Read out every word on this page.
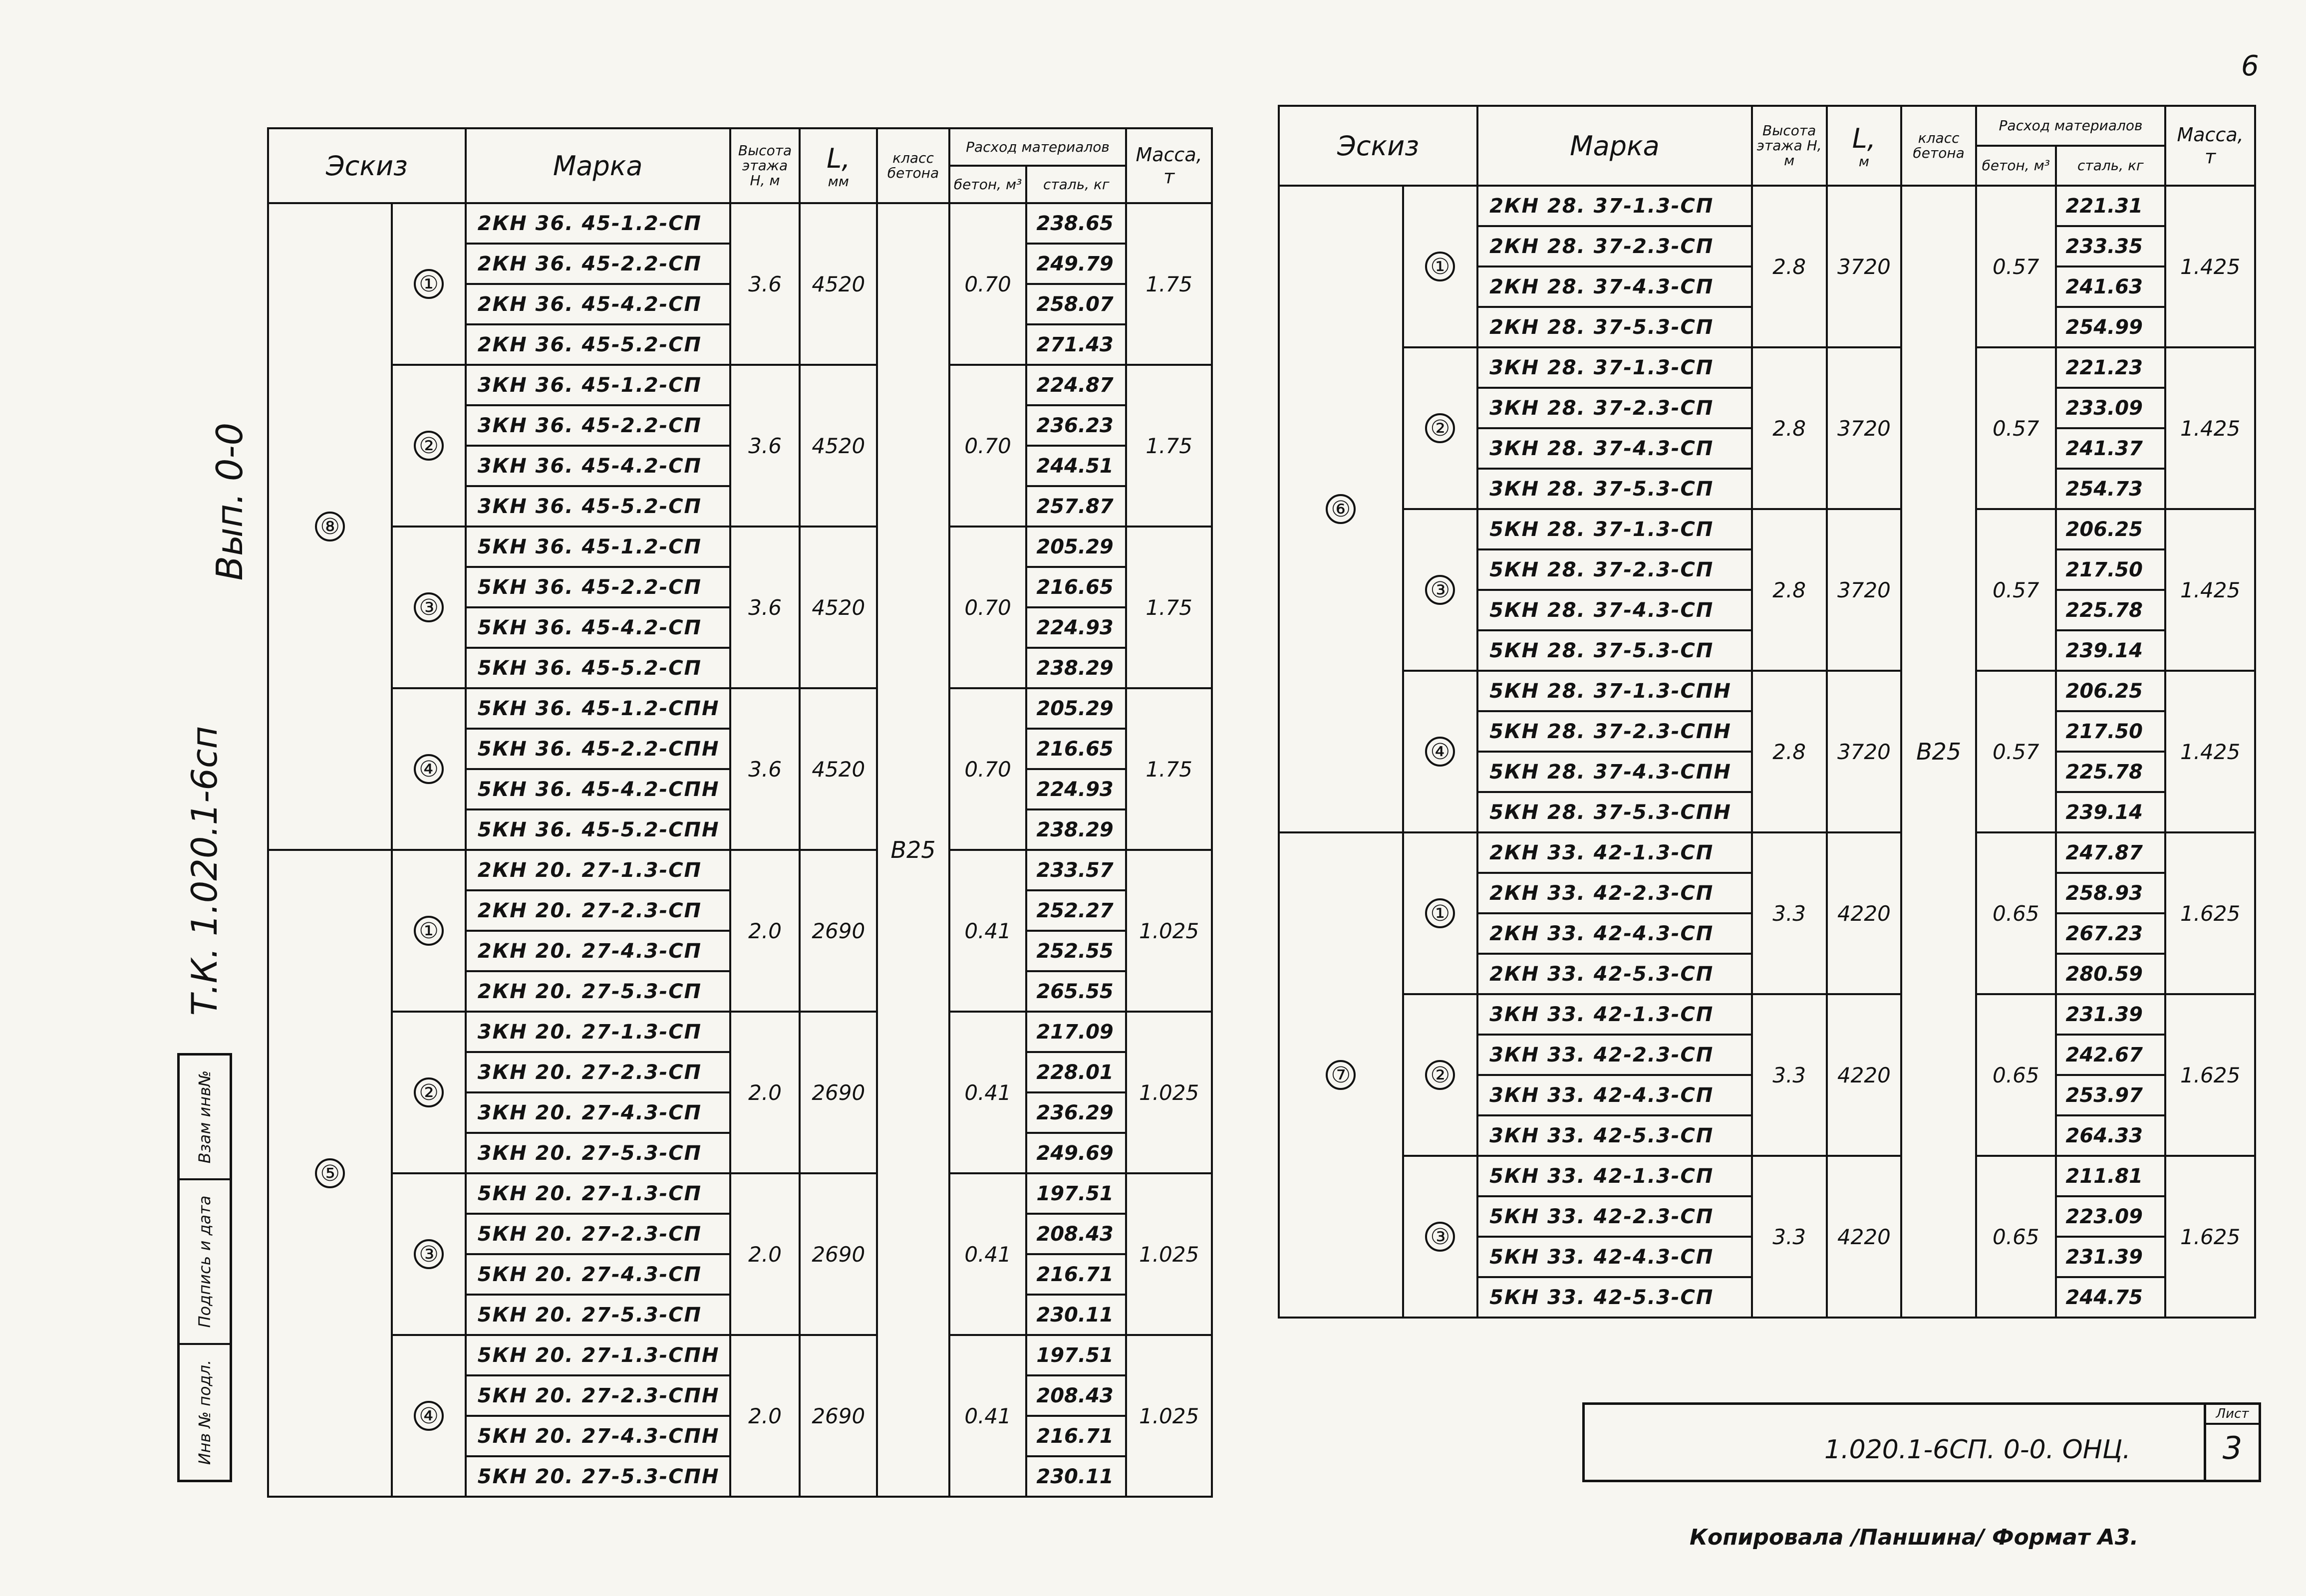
6
Вып. 0-0
Т.К. 1.020.1-6сп
Взам инв№
Подпись и дата
Инв № подл.
Эскиз		Марка	Высота этажа Н, м	L,
мм	класс бетона	Расход материалов		Масса, т
						бетон, м³	сталь, кг	
⑧	①	2КН 36. 45-1.2-СП	3.6	4520	В25	0.70	238.65	1.75
		2КН 36. 45-2.2-СП					249.79	
		2КН 36. 45-4.2-СП					258.07	
		2КН 36. 45-5.2-СП					271.43	
	②	3КН 36. 45-1.2-СП	3.6	4520		0.70	224.87	1.75
		3КН 36. 45-2.2-СП					236.23	
		3КН 36. 45-4.2-СП					244.51	
		3КН 36. 45-5.2-СП					257.87	
	③	5КН 36. 45-1.2-СП	3.6	4520		0.70	205.29	1.75
		5КН 36. 45-2.2-СП					216.65	
		5КН 36. 45-4.2-СП					224.93	
		5КН 36. 45-5.2-СП					238.29	
	④	5КН 36. 45-1.2-СПН	3.6	4520		0.70	205.29	1.75
		5КН 36. 45-2.2-СПН					216.65	
		5КН 36. 45-4.2-СПН					224.93	
		5КН 36. 45-5.2-СПН					238.29	
⑤	①	2КН 20. 27-1.3-СП	2.0	2690		0.41	233.57	1.025
		2КН 20. 27-2.3-СП					252.27	
		2КН 20. 27-4.3-СП					252.55	
		2КН 20. 27-5.3-СП					265.55	
	②	3КН 20. 27-1.3-СП	2.0	2690		0.41	217.09	1.025
		3КН 20. 27-2.3-СП					228.01	
		3КН 20. 27-4.3-СП					236.29	
		3КН 20. 27-5.3-СП					249.69	
	③	5КН 20. 27-1.3-СП	2.0	2690		0.41	197.51	1.025
		5КН 20. 27-2.3-СП					208.43	
		5КН 20. 27-4.3-СП					216.71	
		5КН 20. 27-5.3-СП					230.11	
	④	5КН 20. 27-1.3-СПН	2.0	2690		0.41	197.51	1.025
		5КН 20. 27-2.3-СПН					208.43	
		5КН 20. 27-4.3-СПН					216.71	
		5КН 20. 27-5.3-СПН					230.11	
Эскиз		Марка	Высота этажа Н, м	L,
м	класс бетона	Расход материалов		Масса, т
						бетон, м³	сталь, кг	
⑥	①	2КН 28. 37-1.3-СП	2.8	3720	В25	0.57	221.31	1.425
		2КН 28. 37-2.3-СП					233.35	
		2КН 28. 37-4.3-СП					241.63	
		2КН 28. 37-5.3-СП					254.99	
	②	3КН 28. 37-1.3-СП	2.8	3720		0.57	221.23	1.425
		3КН 28. 37-2.3-СП					233.09	
		3КН 28. 37-4.3-СП					241.37	
		3КН 28. 37-5.3-СП					254.73	
	③	5КН 28. 37-1.3-СП	2.8	3720		0.57	206.25	1.425
		5КН 28. 37-2.3-СП					217.50	
		5КН 28. 37-4.3-СП					225.78	
		5КН 28. 37-5.3-СП					239.14	
	④	5КН 28. 37-1.3-СПН	2.8	3720		0.57	206.25	1.425
		5КН 28. 37-2.3-СПН					217.50	
		5КН 28. 37-4.3-СПН					225.78	
		5КН 28. 37-5.3-СПН					239.14	
⑦	①	2КН 33. 42-1.3-СП	3.3	4220		0.65	247.87	1.625
		2КН 33. 42-2.3-СП					258.93	
		2КН 33. 42-4.3-СП					267.23	
		2КН 33. 42-5.3-СП					280.59	
	②	3КН 33. 42-1.3-СП	3.3	4220		0.65	231.39	1.625
		3КН 33. 42-2.3-СП					242.67	
		3КН 33. 42-4.3-СП					253.97	
		3КН 33. 42-5.3-СП					264.33	
	③	5КН 33. 42-1.3-СП	3.3	4220		0.65	211.81	1.625
		5КН 33. 42-2.3-СП					223.09	
		5КН 33. 42-4.3-СП					231.39	
		5КН 33. 42-5.3-СП					244.75	
1.020.1-6СП. 0-0. ОНЦ.
Лист
3
Копировала /Паншина/ Формат А3.
